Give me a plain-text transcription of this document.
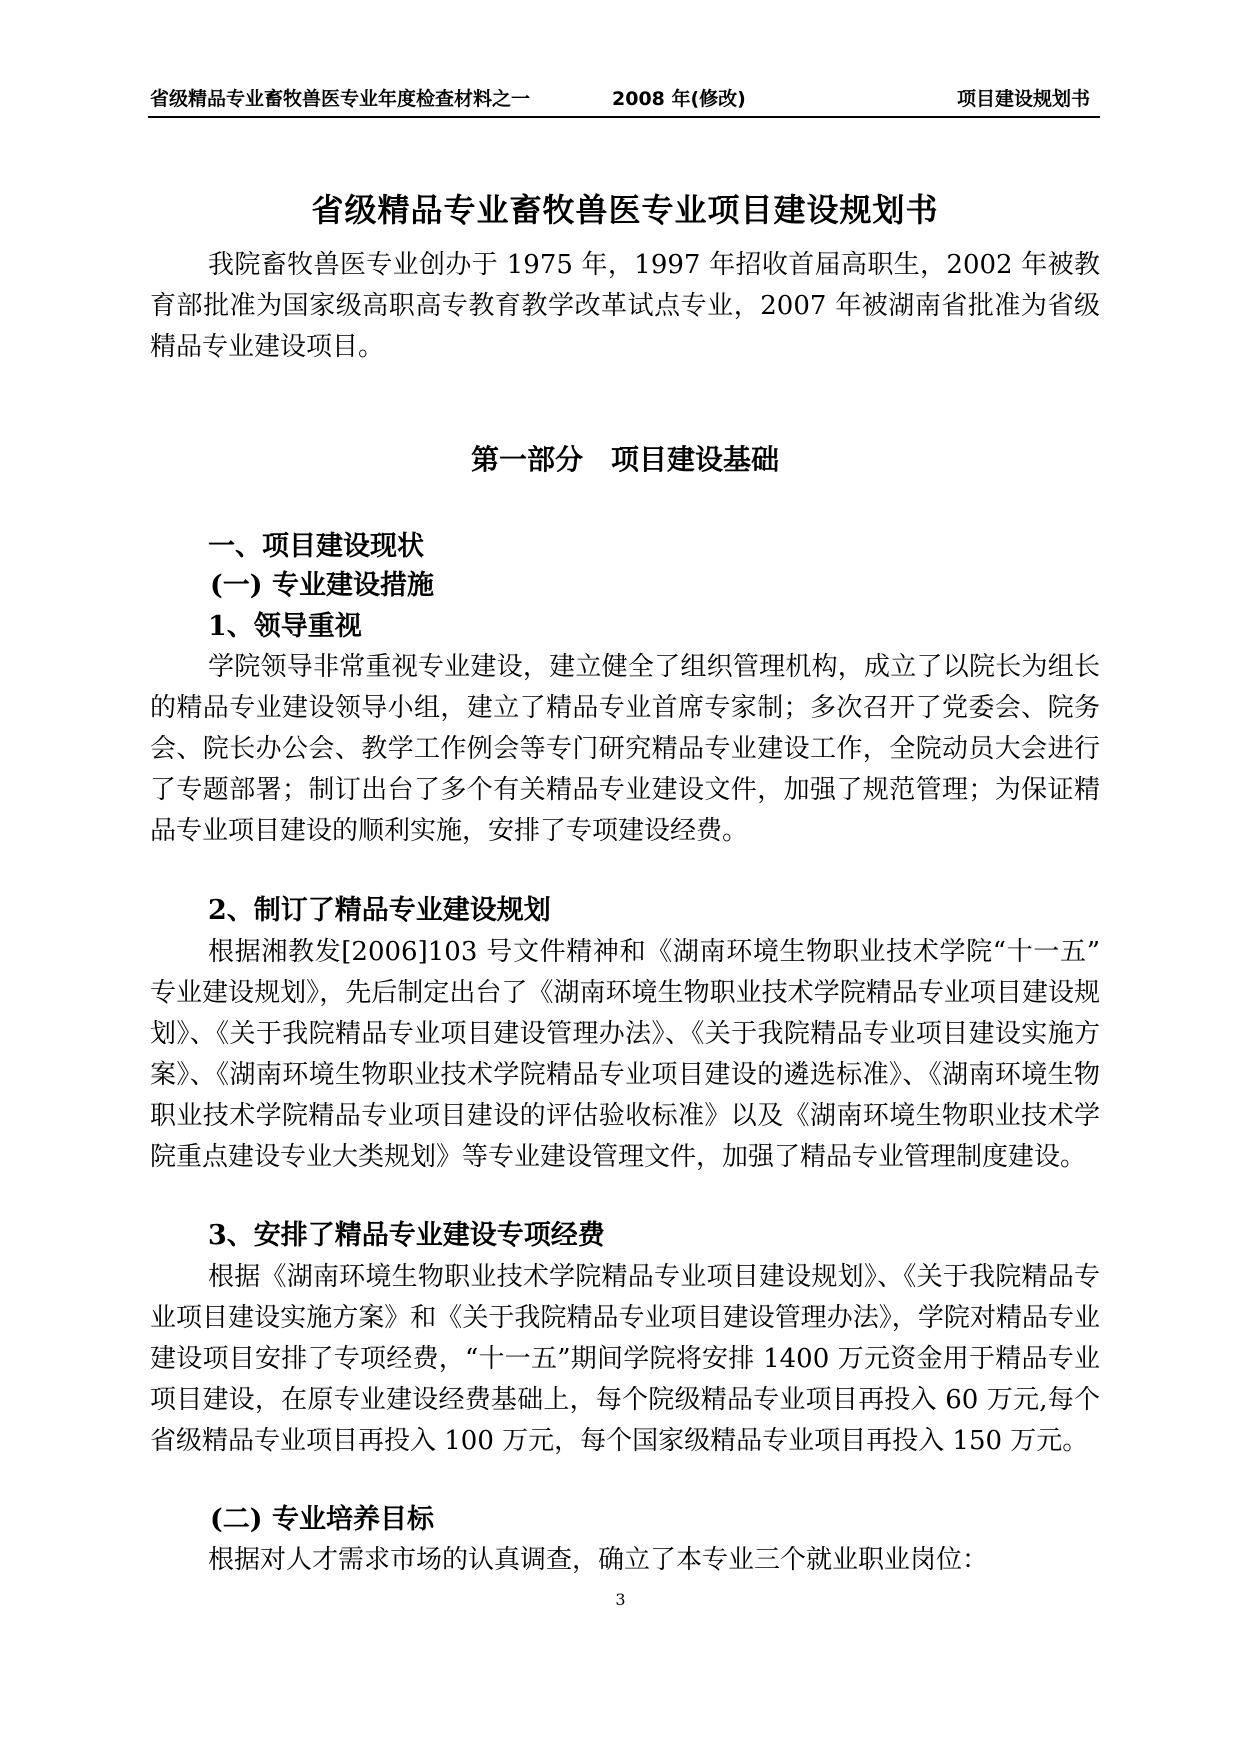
省级精品专业畜牧兽医专业年度检查材料之一	2008 年(修改)	项目建设规划书
省级精品专业畜牧兽医专业项目建设规划书

我院畜牧兽医专业创办于 1975 年，1997 年招收首届高职生，2002 年被教育部批准为国家级高职高专教育教学改革试点专业，2007 年被湖南省批准为省级精品专业建设项目。

第一部分　项目建设基础
一、项目建设现状
(一) 专业建设措施
1、领导重视

学院领导非常重视专业建设，建立健全了组织管理机构，成立了以院长为组长的精品专业建设领导小组，建立了精品专业首席专家制；多次召开了党委会、院务会、院长办公会、教学工作例会等专门研究精品专业建设工作，全院动员大会进行了专题部署；制订出台了多个有关精品专业建设文件，加强了规范管理；为保证精品专业项目建设的顺利实施，安排了专项建设经费。

2、制订了精品专业建设规划

根据湘教发[2006]103 号文件精神和《湖南环境生物职业技术学院“十一五” 专业建设规划》，先后制定出台了《湖南环境生物职业技术学院精品专业项目建设规划》、《关于我院精品专业项目建设管理办法》、《关于我院精品专业项目建设实施方案》、《湖南环境生物职业技术学院精品专业项目建设的遴选标准》、《湖南环境生物职业技术学院精品专业项目建设的评估验收标准》以及《湖南环境生物职业技术学院重点建设专业大类规划》等专业建设管理文件，加强了精品专业管理制度建设。

3、安排了精品专业建设专项经费

根据《湖南环境生物职业技术学院精品专业项目建设规划》、《关于我院精品专业项目建设实施方案》和《关于我院精品专业项目建设管理办法》，学院对精品专业建设项目安排了专项经费，“十一五”期间学院将安排 1400 万元资金用于精品专业项目建设，在原专业建设经费基础上，每个院级精品专业项目再投入 60 万元,每个省级精品专业项目再投入 100 万元，每个国家级精品专业项目再投入 150 万元。

(二) 专业培养目标

根据对人才需求市场的认真调查，确立了本专业三个就业职业岗位：

3
